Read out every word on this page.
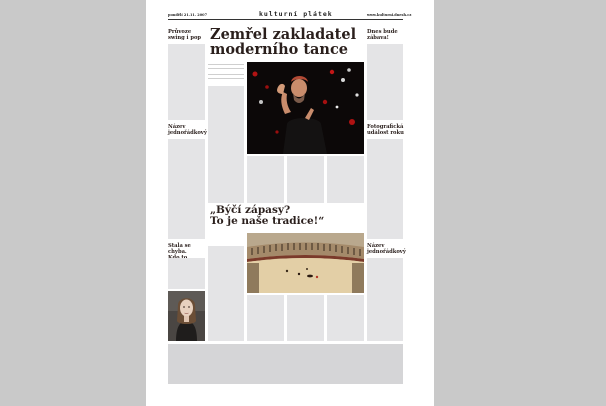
pondělí 21.11. 2007	kulturní plátek	www.kulturni.dnesh.cz
Průvoze
swing i pop
Název
jednořádkový
Stala se chyba.

Zemřel zakladatel
moderního tance
Dnes bude
zábava!
Fotografická
událost roku
Název
jednořádkový
„Býčí zápasy?
To je naše tradice!“
